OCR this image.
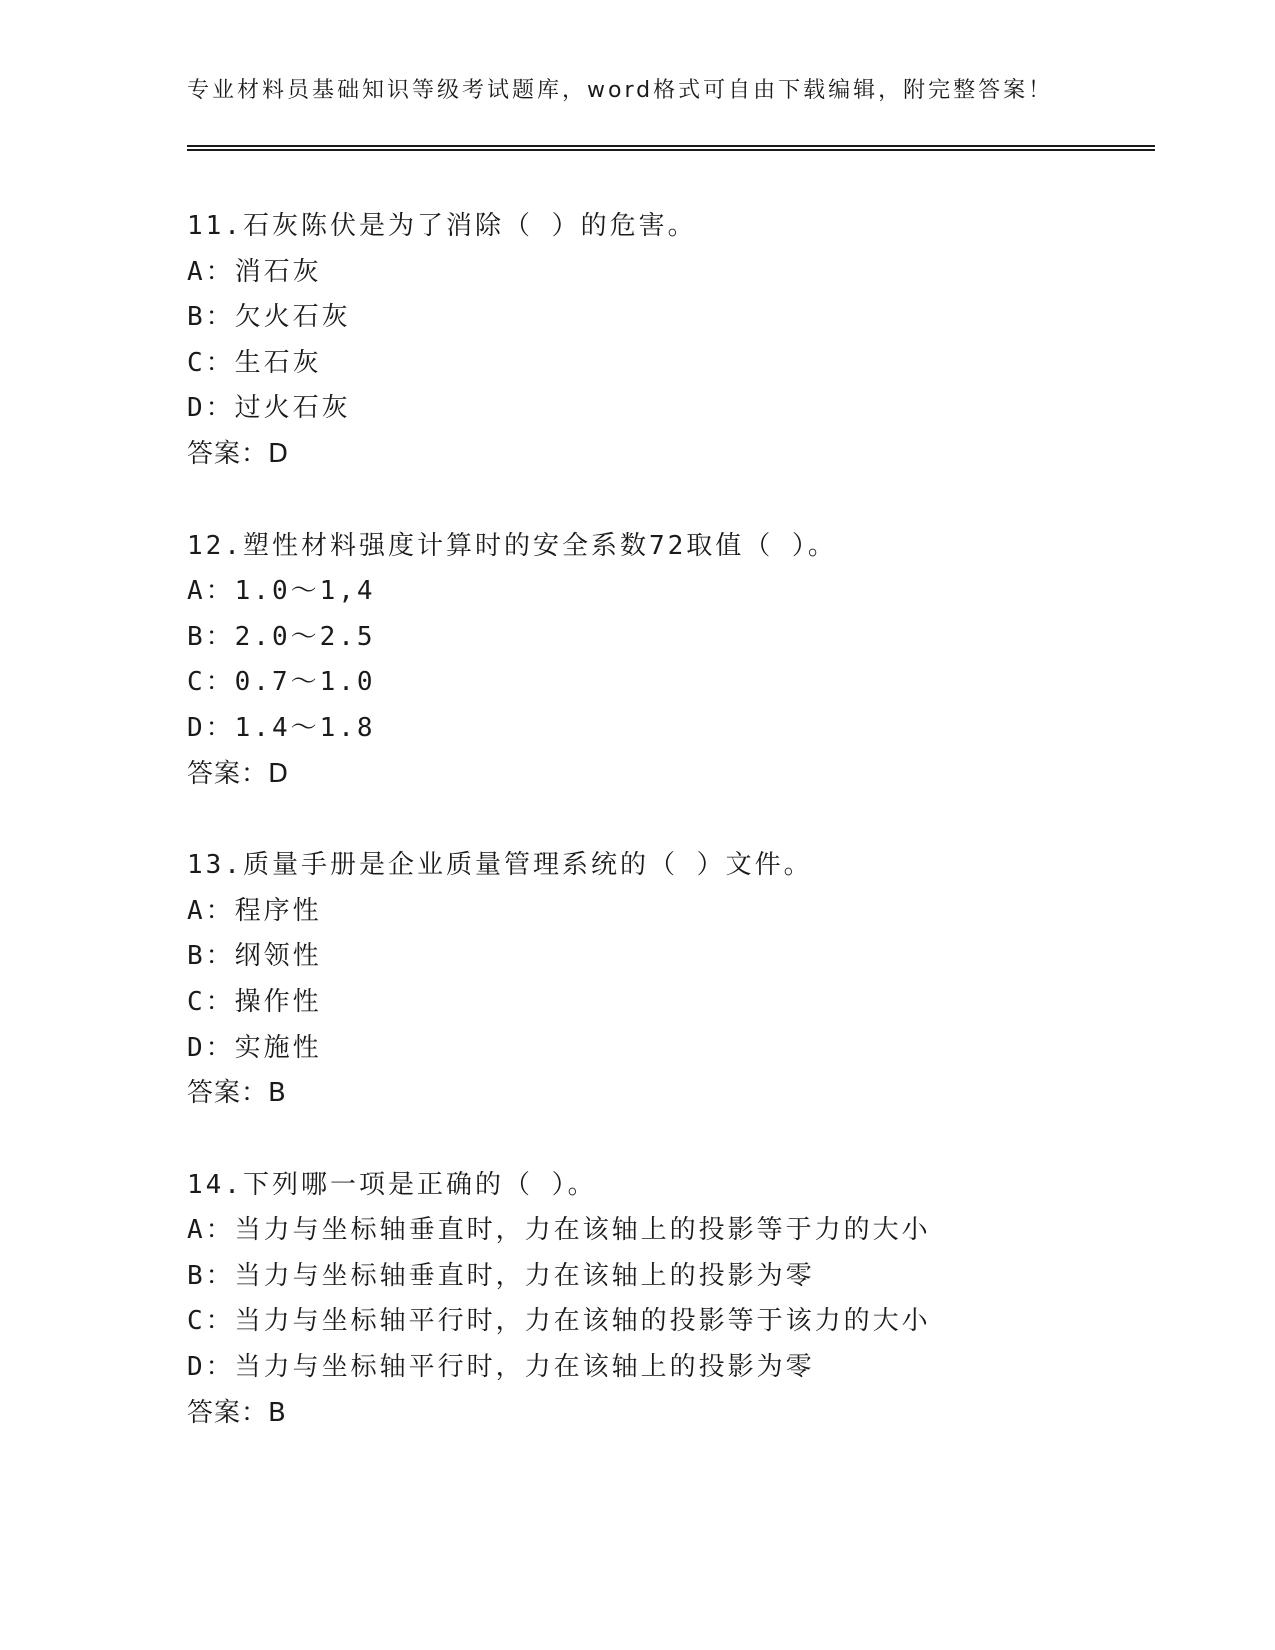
专业材料员基础知识等级考试题库，word格式可自由下载编辑，附完整答案！
11.石灰陈伏是为了消除（ ）的危害。
A：消石灰
B：欠火石灰
C：生石灰
D：过火石灰
答案：D
12.塑性材料强度计算时的安全系数72取值（ ）。
A：1.0～1,4
B：2.0～2.5
C：0.7～1.0
D：1.4～1.8
答案：D
13.质量手册是企业质量管理系统的（ ）文件。
A：程序性
B：纲领性
C：操作性
D：实施性
答案：B
14.下列哪一项是正确的（ ）。
A：当力与坐标轴垂直时，力在该轴上的投影等于力的大小
B：当力与坐标轴垂直时，力在该轴上的投影为零
C：当力与坐标轴平行时，力在该轴的投影等于该力的大小
D：当力与坐标轴平行时，力在该轴上的投影为零
答案：B
